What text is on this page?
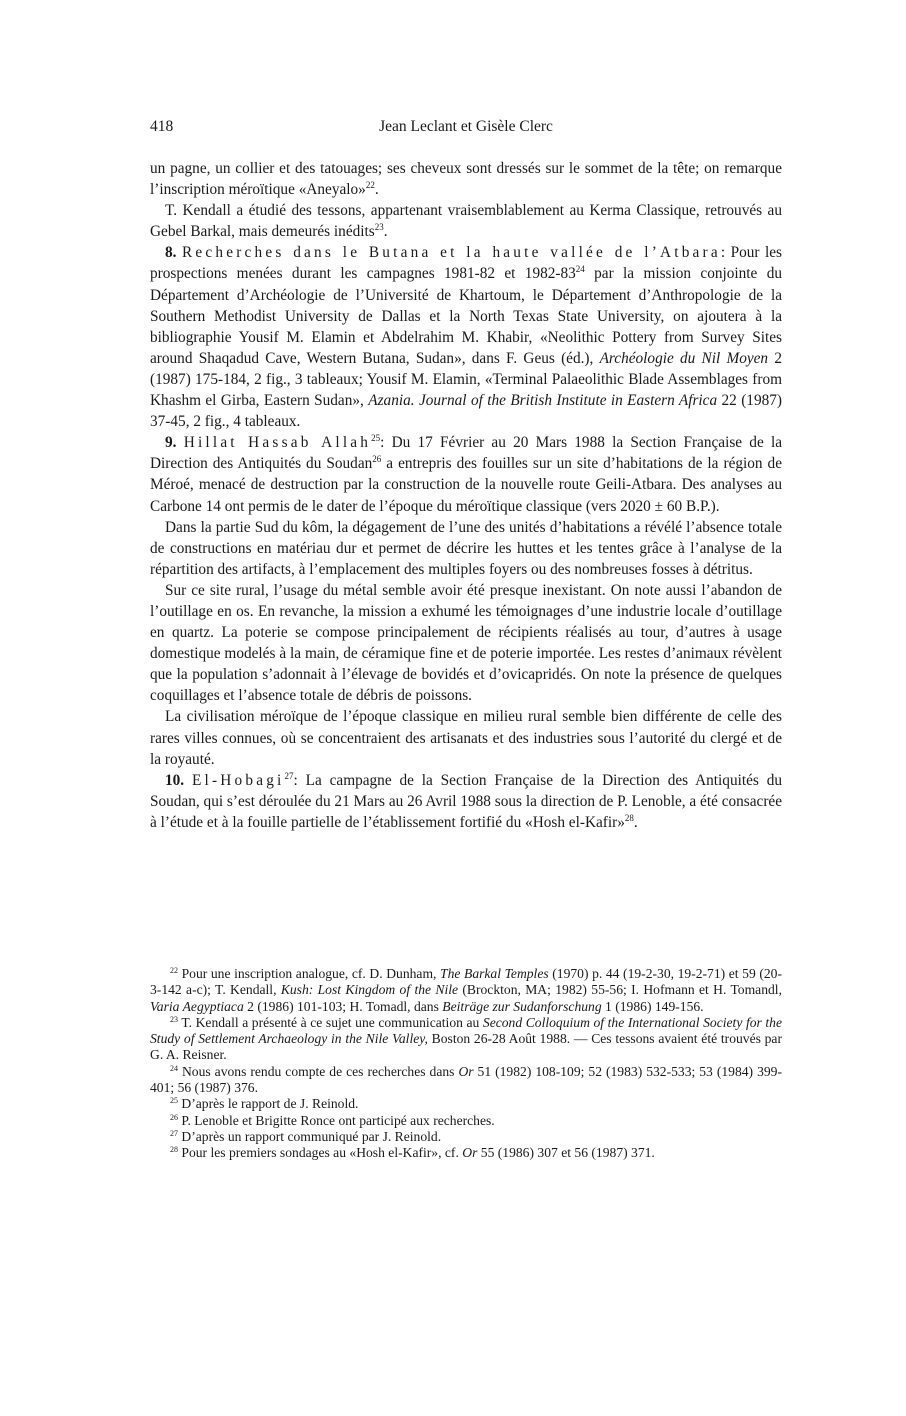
418	Jean Leclant et Gisèle Clerc

un pagne, un collier et des tatouages; ses cheveux sont dressés sur le sommet de la tête; on remarque l’inscription méroïtique «Aneyalo»$^{22}$.

T. Kendall a étudié des tessons, appartenant vraisemblablement au Kerma Classique, retrouvés au Gebel Barkal, mais demeurés inédits$^{23}$.

8. Recherches dans le Butana et la haute vallée de l’Atbara: Pour les prospections menées durant les campagnes 1981-82 et $1982-83^{24}$ par la mission conjointe du Département d’Archéologie de l’Université de Khartoum, le Département d’Anthropologie de la Southern Methodist University de Dallas et la North Texas State University, on ajoutera à la bibliographie Yousif M. Elamin et Abdelrahim M. Khabir, «Neolithic Pottery from Survey Sites around Shaqadud Cave, Western Butana, Sudan», dans F. Geus (éd.), Archéologie du Nil Moyen 2 (1987) 175-184, 2 fig., 3 tableaux; Yousif M. Elamin, «Terminal Palaeolithic Blade Assemblages from Khashm el Girba, Eastern Sudan», Azania. Journal of the British Institute in Eastern Africa 22 (1987) 37-45, 2 fig., 4 tableaux.

9. Hillat Hassab Allah$^{25}$: Du 17 Février au 20 Mars 1988 la Section Française de la Direction des Antiquités du Soudan$^{26}$ a entrepris des fouilles sur un site d’habitations de la région de Méroé, menacé de destruction par la construction de la nouvelle route Geili-Atbara. Des analyses au Carbone 14 ont permis de le dater de l’époque du méroïtique classique (vers 2020 ± 60 B.P.).

Dans la partie Sud du kôm, la dégagement de l’une des unités d’habitations a révélé l’absence totale de constructions en matériau dur et permet de décrire les huttes et les tentes grâce à l’analyse de la répartition des artifacts, à l’emplacement des multiples foyers ou des nombreuses fosses à détritus.

Sur ce site rural, l’usage du métal semble avoir été presque inexistant. On note aussi l’abandon de l’outillage en os. En revanche, la mission a exhumé les témoignages d’une industrie locale d’outillage en quartz. La poterie se compose principalement de récipients réalisés au tour, d’autres à usage domestique modelés à la main, de céramique fine et de poterie importée. Les restes d’animaux révèlent que la population s’adonnait à l’élevage de bovidés et d’ovicapridés. On note la présence de quelques coquillages et l’absence totale de débris de poissons.

La civilisation méroïque de l’époque classique en milieu rural semble bien différente de celle des rares villes connues, où se concentraient des artisanats et des industries sous l’autorité du clergé et de la royauté.

10. El-Hobagi$^{27}$: La campagne de la Section Française de la Direction des Antiquités du Soudan, qui s’est déroulée du 21 Mars au 26 Avril 1988 sous la direction de P. Lenoble, a été consacrée à l’étude et à la fouille partielle de l’établissement fortifié du «Hosh el-Kafir»$^{28}$.

$^{22}$ Pour une inscription analogue, cf. D. Dunham, The Barkal Temples (1970) p. 44 (19-2-30, 19-2-71) et 59 (20-3-142 a-c); T. Kendall, Kush: Lost Kingdom of the Nile (Brockton, MA; 1982) 55-56; I. Hofmann et H. Tomandl, Varia Aegyptiaca 2 (1986) 101-103; H. Tomadl, dans Beiträge zur Sudanforschung 1 (1986) 149-156.

$^{23}$ T. Kendall a présenté à ce sujet une communication au Second Colloquium of the International Society for the Study of Settlement Archaeology in the Nile Valley, Boston 26-28 Août 1988. — Ces tessons avaient été trouvés par G. A. Reisner.

$^{24}$ Nous avons rendu compte de ces recherches dans Or 51 (1982) 108-109; 52 (1983) 532-533; 53 (1984) 399-401; 56 (1987) 376.

$^{25}$ D’après le rapport de J. Reinold.

$^{26}$ P. Lenoble et Brigitte Ronce ont participé aux recherches.

$^{27}$ D’après un rapport communiqué par J. Reinold.

$^{28}$ Pour les premiers sondages au «Hosh el-Kafir», cf. Or 55 (1986) 307 et 56 (1987) 371.
